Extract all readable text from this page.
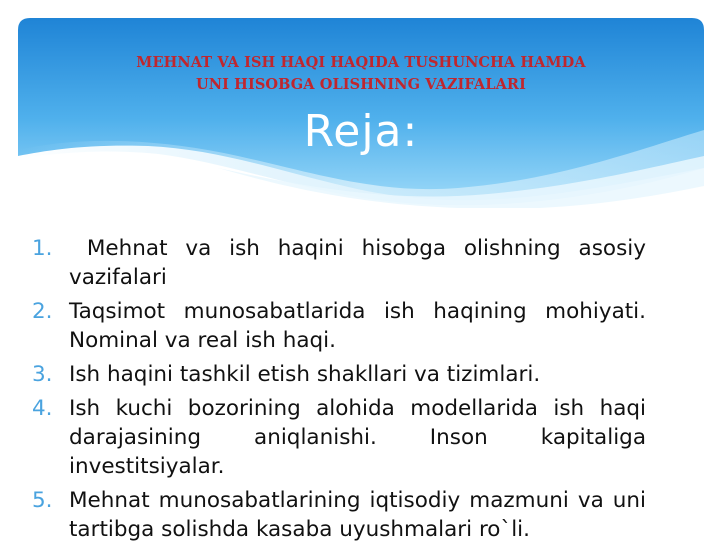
MEHNAT VA ISH HAQI HAQIDA TUSHUNCHA HAMDA
UNI HISOBGA OLISHNING VAZIFALARI
Reja:
1. Mehnat va ish haqini hisobga olishning asosiy vazifalari
2. Taqsimot munosabatlarida ish haqining mohiyati. Nominal va real ish haqi.
3. Ish haqini tashkil etish shakllari va tizimlari.
4. Ish kuchi bozorining alohida modellarida ish haqi darajasining aniqlanishi. Inson kapitaliga investitsiyalar.
5. Mehnat munosabatlarining iqtisodiy mazmuni va uni tartibga solishda kasaba uyushmalari ro`li.
